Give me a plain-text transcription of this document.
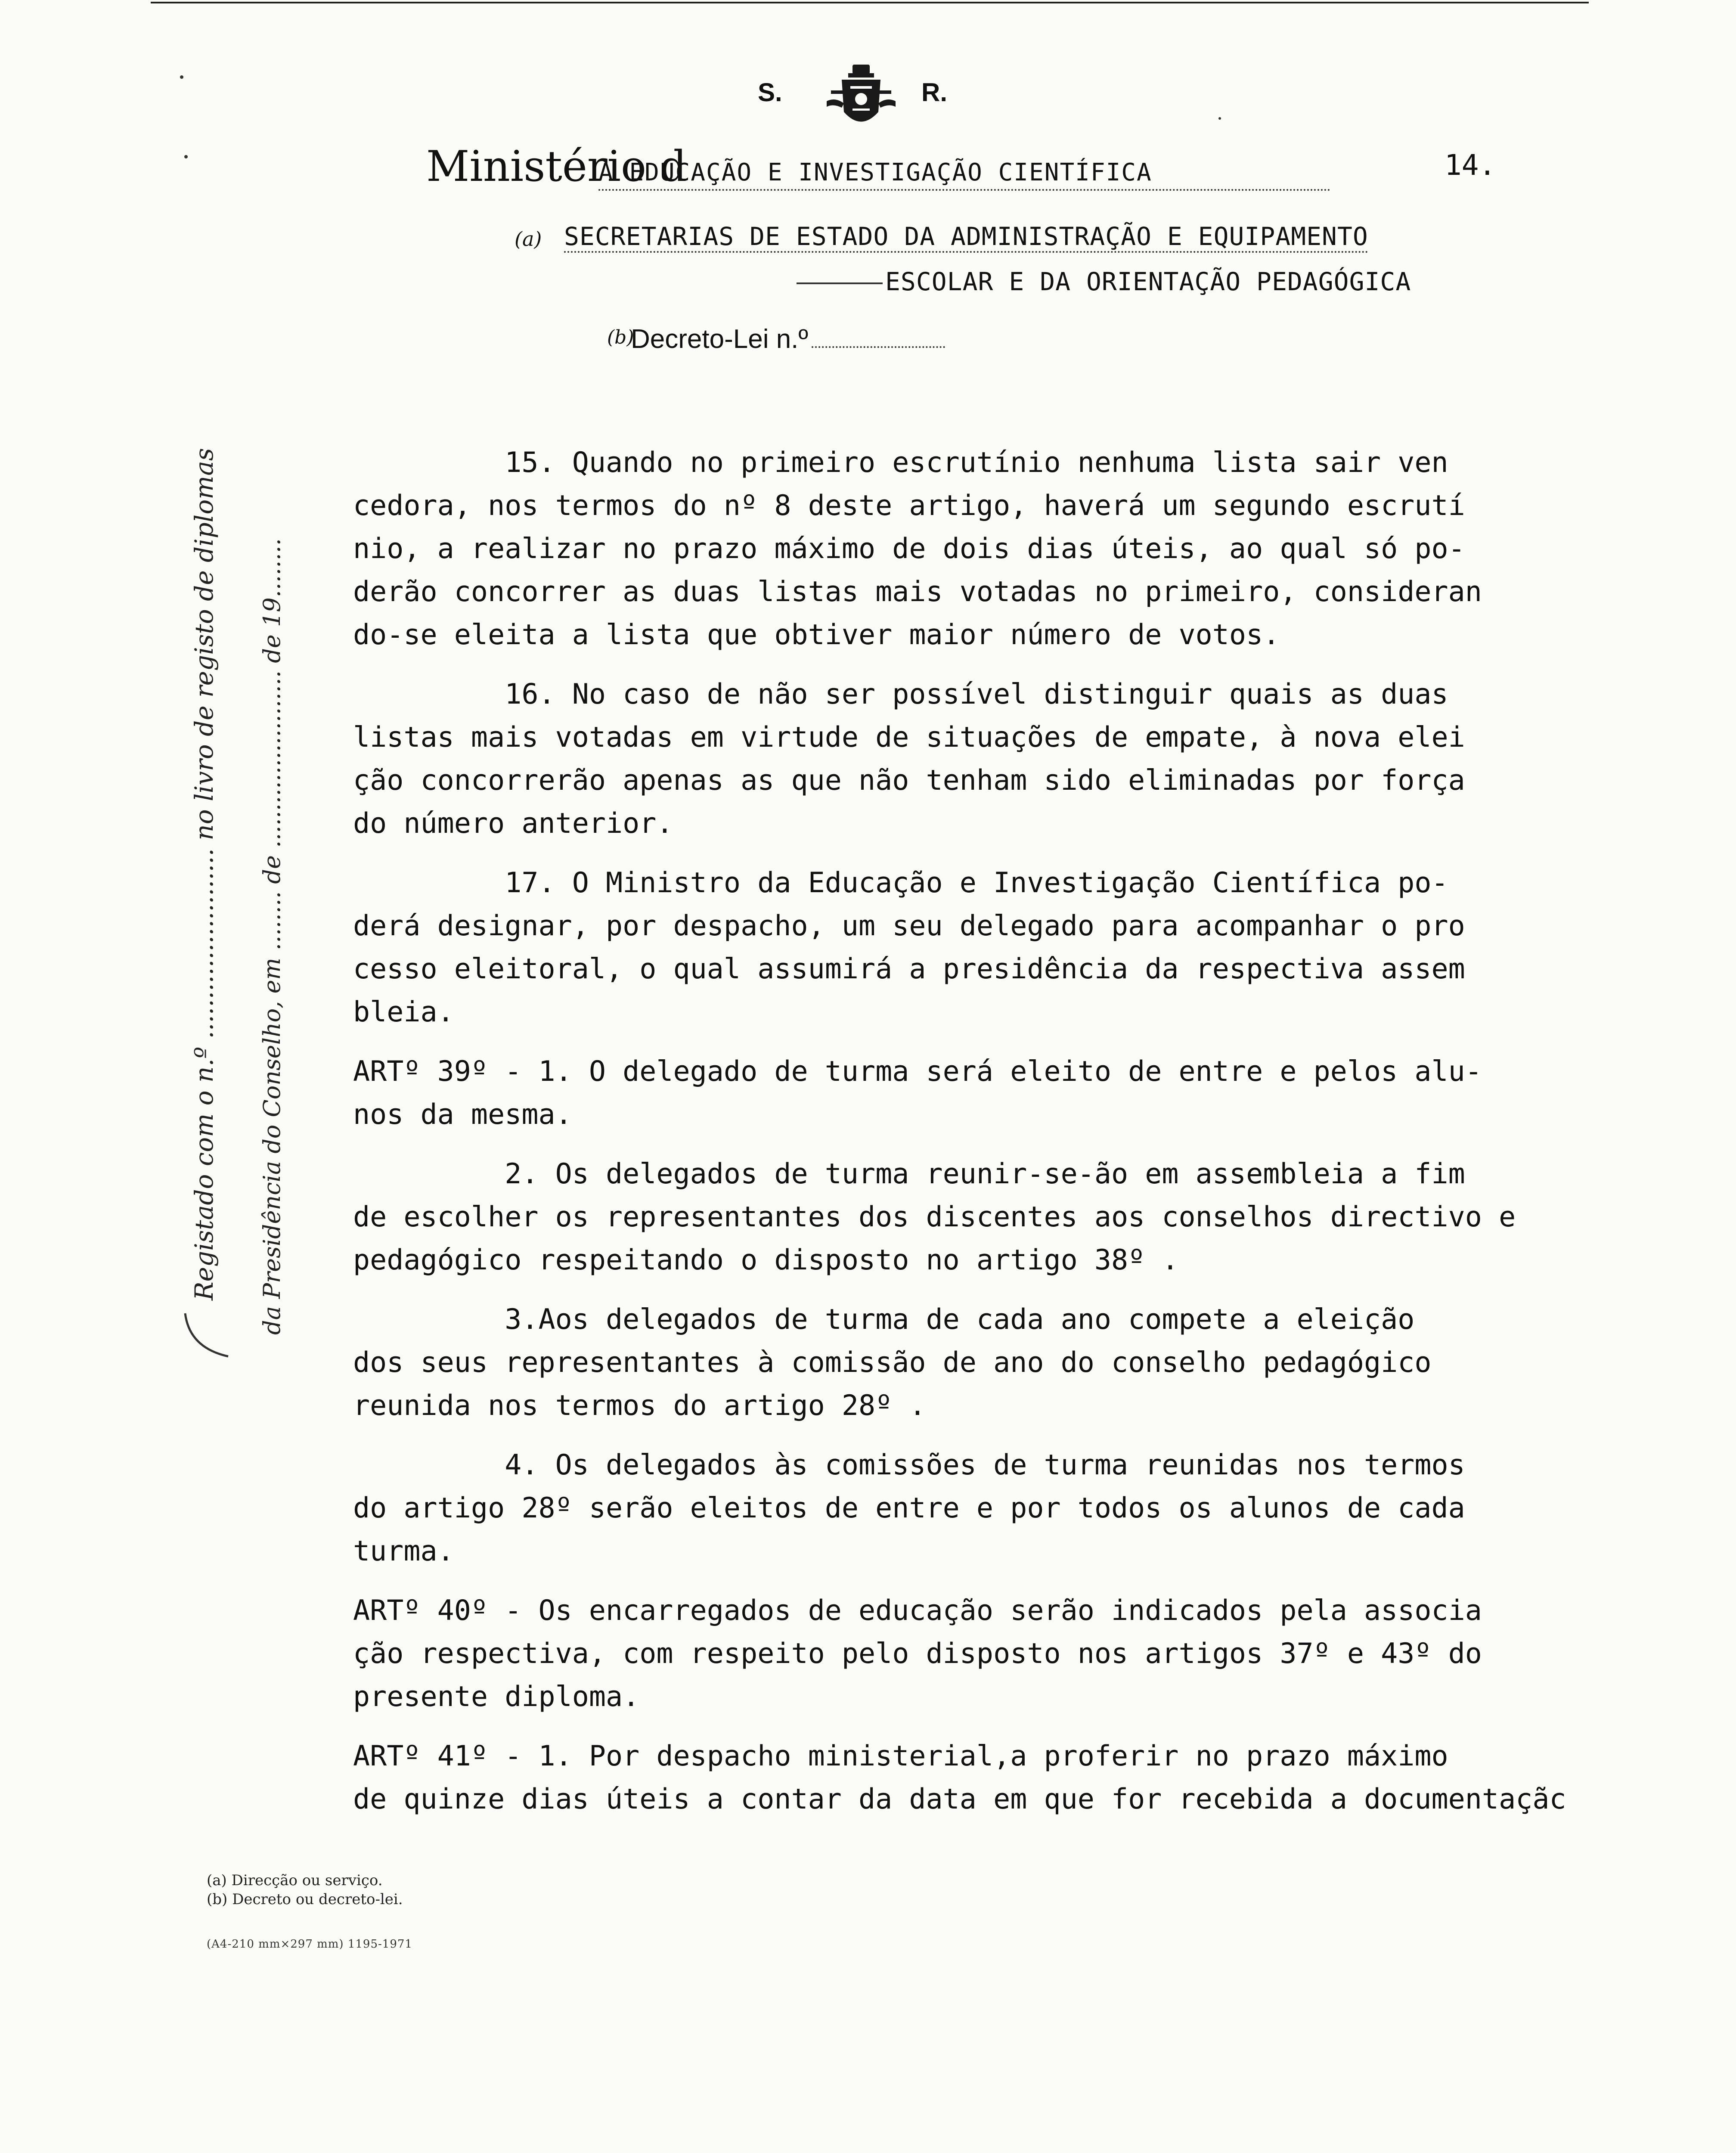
S.	R.
Ministério d
A EDUCAÇÃO E INVESTIGAÇÃO CIENTÍFICA	14.
(a) SECRETARIAS DE ESTADO DA ADMINISTRAÇÃO E EQUIPAMENTO
ESCOLAR E DA ORIENTAÇÃO PEDAGÓGICA
(b)
Decreto-Lei n.º
15. Quando no primeiro escrutínio nenhuma lista sair ven
cedora, nos termos do nº 8 deste artigo, haverá um segundo escrutí
nio, a realizar no prazo máximo de dois dias úteis, ao qual só po-
derão concorrer as duas listas mais votadas no primeiro, consideran
do-se eleita a lista que obtiver maior número de votos.
16. No caso de não ser possível distinguir quais as duas
listas mais votadas em virtude de situações de empate, à nova elei
ção concorrerão apenas as que não tenham sido eliminadas por força
do número anterior.
17. O Ministro da Educação e Investigação Científica po-
derá designar, por despacho, um seu delegado para acompanhar o pro
cesso eleitoral, o qual assumirá a presidência da respectiva assem
bleia.
ARTº 39º - 1. O delegado de turma será eleito de entre e pelos alu-
nos da mesma.
2. Os delegados de turma reunir-se-ão em assembleia a fim
de escolher os representantes dos discentes aos conselhos directivo e
pedagógico respeitando o disposto no artigo 38º .
3.Aos delegados de turma de cada ano compete a eleição
dos seus representantes à comissão de ano do conselho pedagógico
reunida nos termos do artigo 28º .
4. Os delegados às comissões de turma reunidas nos termos
do artigo 28º serão eleitos de entre e por todos os alunos de cada
turma.
ARTº 40º - Os encarregados de educação serão indicados pela associa
ção respectiva, com respeito pelo disposto nos artigos 37º e 43º do
presente diploma.
ARTº 41º - 1. Por despacho ministerial,a proferir no prazo máximo
de quinze dias úteis a contar da data em que for recebida a documentaçãc
Registado com o n.º ........................ no livro de registo de diplomas da Presidência do Conselho, em ........ de ........................ de 19........
(a) Direcção ou serviço.
(b) Decreto ou decreto-lei.
(A4-210 mm×297 mm) 1195-1971
